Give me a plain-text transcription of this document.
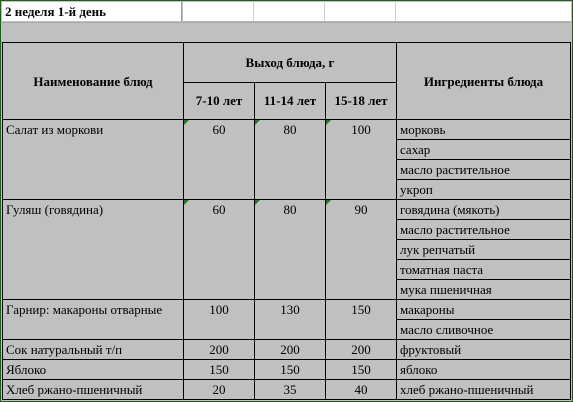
2 неделя 1-й день
Наименование блюд	Выход блюда, г			Ингредиенты блюда
	7-10 лет	11-14 лет	15-18 лет	
Салат из моркови	60	80	100	морковь
				сахар
				масло растительное
				укроп
Гуляш (говядина)	60	80	90	говядина (мякоть)
				масло растительное
				лук репчатый
				томатная паста
				мука пшеничная
Гарнир: макароны отварные	100	130	150	макароны
				масло сливочное
Сок натуральный т/п	200	200	200	фруктовый
Яблоко	150	150	150	яблоко
Хлеб ржано-пшеничный	20	35	40	хлеб ржано-пшеничный
